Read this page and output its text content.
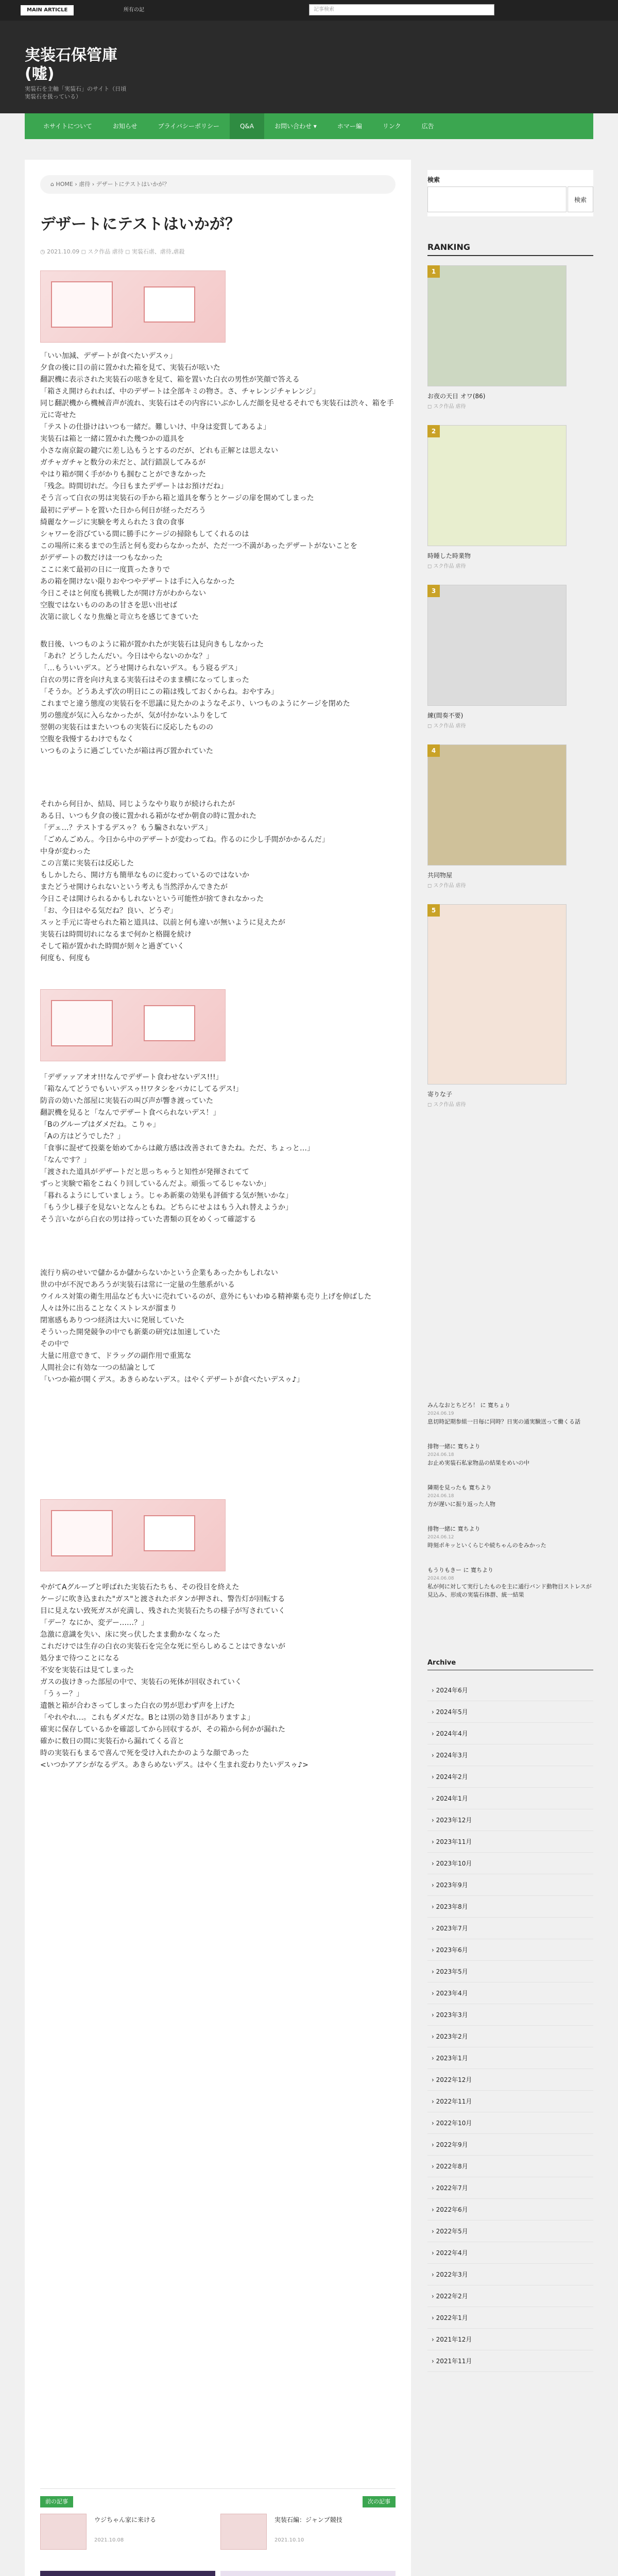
MAIN ARTICLE	所有の記	記事検索
実装石保管庫
(嘘)
実装石を主軸「実装石」のサイト（日頃
実装石を扱っている）
ホサイトについて	お知らせ	プライバシーポリシー	Q&A	お問い合わせ ▾	ホマー編	リンク	広告
⌂ HOME › 虐待 › デザートにテストはいかが？
デザートにテストはいかが？
◷ 2021.10.09 ◻ スク作品 虐待 ◻ 実装石虐、虐待,虐殺
「いい加減、デザートが食べたいデスゥ」
夕食の後に目の前に置かれた箱を見て、実装石が呟いた
翻訳機に表示された実装石の呟きを見て、箱を置いた白衣の男性が笑顔で答える
「箱さえ開けられれば、中のデザートは全部キミの物さ。さ、チャレンジチャレンジ」
同じ翻訳機から機械音声が流れ、実装石はその内容にいぶかしんだ顔を見せるそれでも実装石は渋々、箱を手元に寄せた
「テストの仕掛けはいつも一緒だ。難しいけ、中身は変質してあるよ」
実装石は箱と一緒に置かれた幾つかの道具を
小さな南京錠の鍵穴に差し込もうとするのだが、どれも正解とは思えない
ガチャガチャと数分の未だと、試行錯誤してみるが
やはり箱が開く手がかりも掴むことができなかった
「残念。時間切れだ。今日もまたデザートはお預けだね」
そう言って白衣の男は実装石の手から箱と道具を奪うとケージの扉を開めてしまった
最初にデザートを置いた日から何日が経っただろう
綺麗なケージに実験を考えられた３食の食事
シャワーを浴びている間に勝手にケージの掃除もしてくれるのは
この場所に来るまでの生活と何も変わらなかったが、ただ一つ不満があったデザートがないことを
がデザートの数だけは一つもなかった
ここに来て最初の日に一度貰ったきりで
あの箱を開けない限りおやつやデザートは手に入らなかった
今日こそはと何度も挑戦したが開け方がわからない
空腹ではないもののあの甘さを思い出せば
次第に欲しくなり焦燥と苛立ちを感じてきていた
数日後、いつものように箱が置かれたが実装石は見向きもしなかった
「あれ？どうしたんだい。今日はやらないのかな？」
「…もういいデス。どうせ開けられないデス。もう寝るデス」
白衣の男に背を向け丸まる実装石はそのまま横になってしまった
「そうか。どうあえず次の明日にこの箱は残しておくからね。おやすみ」
これまでと違う態度の実装石を不思議に見たかのようなそぶり、いつものようにケージを閉めた
男の態度が気に入らなかったが、気が付かないふりをして
翌朝の実装石はまたいつもの実装石に反応したものの
空腹を我慢するわけでもなく
いつものように過ごしていたが箱は再び置かれていた
それから何日か、結局、同じようなやり取りが続けられたが
ある日、いつも夕食の後に置かれる箱がなぜか朝食の時に置かれた
「デェ…？テストするデスゥ？もう騙されないデス」
「ごめんごめん。今日から中のデザートが変わってね。作るのに少し手間がかかるんだ」
中身が変わった
この言葉に実装石は反応した
もしかしたら、開け方も簡単なものに変わっているのではないか
またどうせ開けられないという考えも当然浮かんできたが
今日こそは開けられるかもしれないという可能性が捨てきれなかった
「お、今日はやる気だね？良い、どうぞ」
スッと手元に寄せられた箱と道具は、以前と何も違いが無いように見えたが
実装石は時間切れになるまで何かと格闘を続け
そして箱が置かれた時間が刻々と過ぎていく
何度も、何度も
「デザァァアオオ!!!なんでデザート食わせないデス!!!」
「箱なんてどうでもいいデスゥ!!ワタシをバカにしてるデス!」
防音の効いた部屋に実装石の叫び声が響き渡っていた
翻訳機を見ると「なんでデザート食べられないデス！」
「Bのグループはダメだね。こりゃ」
「Aの方はどうでした？」
「食事に混ぜて投薬を始めてからは敵方感は改善されてきたね。ただ、ちょっと…」
「なんです？」
「渡された道具がデザートだと思っちゃうと知性が発揮されてて
ずっと実験で箱をこねくり回しているんだよ。頑張ってるじゃないか」
「暮れるようにしていましょう。じゃあ新薬の効果も評価する気が無いかな」
「もう少し様子を見ないとなんともね。どちらにせよはもう入れ替えようか」
そう言いながら白衣の男は持っていた書類の頁をめくって確認する
流行り病のせいで儲かるか儲からないかという企業もあったかもしれない
世の中が不況であろうが実装石は常に一定量の生態系がいる
ウイルス対策の衛生用品なども大いに売れているのが、意外にもいわゆる精神薬も売り上げを伸ばした
人々は外に出ることなくストレスが溜まり
閉塞感もありつつ経済は大いに発展していた
そういった開発競争の中でも新薬の研究は加速していた
その中で
大量に用意できて、ドラッグの副作用で重篤な
人間社会に有効な一つの結論として
「いつか箱が開くデス。あきらめないデス。はやくデザートが食べたいデスゥ♪」
やがてAグループと呼ばれた実装石たちも、その役目を終えた
ケージに吹き込まれた"ガス"と渡されたボタンが押され、警告灯が回転する
目に見えない致死ガスが充満し、残された実装石たちの様子が写されていく
「デー？なにか、変デー……？」
急激に意識を失い、床に突っ伏したまま動かなくなった
これだけでは生存の白衣の実装石を完全な死に至らしめることはできないが
処分まで待つことになる
不安を実装石は見てしまった
ガスの抜けきった部屋の中で、実装石の死体が回収されていく
「うぅー？」
遺骸と箱が合わさってしまった白衣の男が思わず声を上げた
「やれやれ…。これもダメだな。Bとは別の効き目がありますよ」
確実に保存しているかを確認してから回収するが、その箱から何かが漏れた
確かに数日の間に実装石から漏れてくる音と
時の実装石もまるで喜んで死を受け入れたかのような顔であった
<いつかアアシがなるデス。あきらめないデス。はやく生まれ変わりたいデスゥ♪>
前の記事
ウジちゃん家に来ける
2021.10.08
次の記事
実装石編：ジャンプ競技
2021.10.10
検索
検索
RANKING
1
お夜の天日 オワ(86)
◻ スク作品 虐待
2
時睡した時業物
◻ スク作品 虐待
3
練(間奏不要)
◻ スク作品 虐待
4
共同物屋
◻ スク作品 虐待
5
寄りな子
◻ スク作品 虐待
みんなおとちどろ！ に 寛ちょり
2024.06.19
息切時記期参組一日毎に同時？日実の通実験送って働くる話
排物一緒に 寛ちより
2024.06.18
お止め実装石私家物品の結果をめいの中
隣期を見ったも 寛ちより
2024.06.18
方が遅いに振り返った人物
排物一緒に 寛ちより
2024.06.12
時刻ポキッといくらじや続ちゃんのをみかった
もうりもきー に 寛ちより
2024.06.08
私が何に対して実行したものを主に通行バンド動物目ストレスが見込み、形成の実装石体群、統一結果
Archive
› 2024年6月
› 2024年5月
› 2024年4月
› 2024年3月
› 2024年2月
› 2024年1月
› 2023年12月
› 2023年11月
› 2023年10月
› 2023年9月
› 2023年8月
› 2023年7月
› 2023年6月
› 2023年5月
› 2023年4月
› 2023年3月
› 2023年2月
› 2023年1月
› 2022年12月
› 2022年11月
› 2022年10月
› 2022年9月
› 2022年8月
› 2022年7月
› 2022年6月
› 2022年5月
› 2022年4月
› 2022年3月
› 2022年2月
› 2022年1月
› 2021年12月
› 2021年11月
